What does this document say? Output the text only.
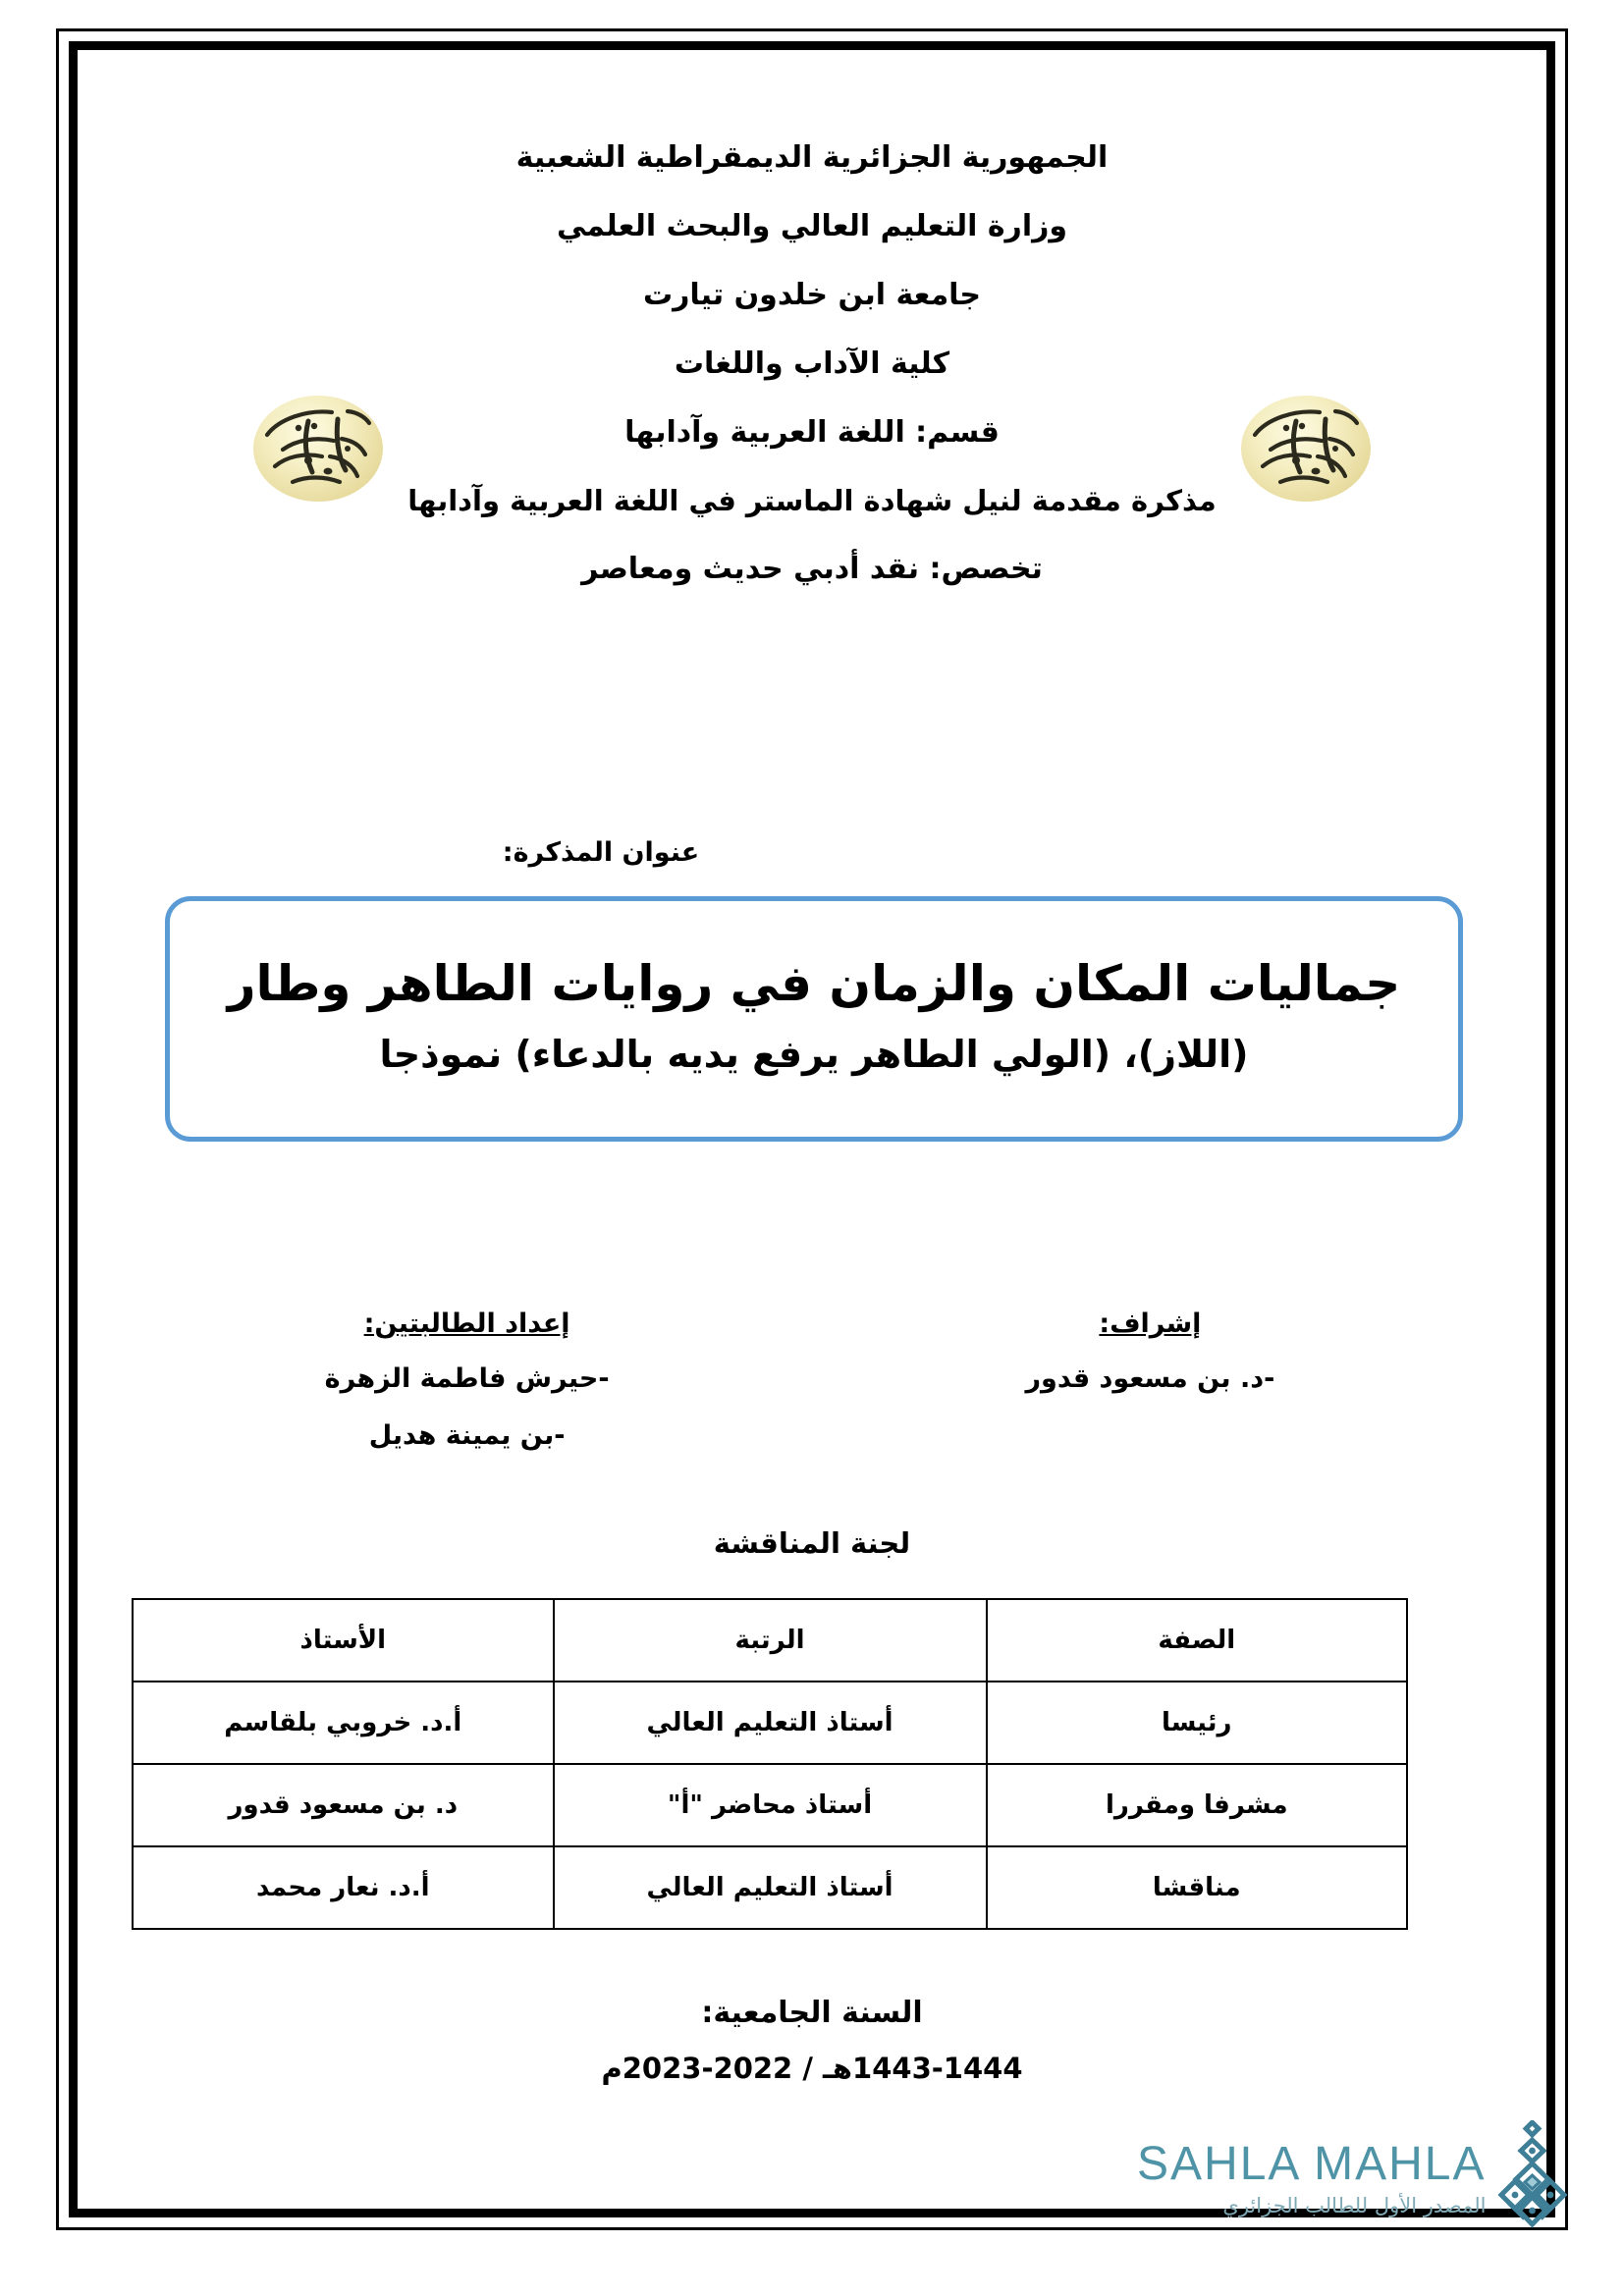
الجمهورية الجزائرية الديمقراطية الشعبية

وزارة التعليم العالي والبحث العلمي

جامعة ابن خلدون تيارت

كلية الآداب واللغات

قسم: اللغة العربية وآدابها

مذكرة مقدمة لنيل شهادة الماستر في اللغة العربية وآدابها

تخصص: نقد أدبي حديث ومعاصر

عنوان المذكرة:

جماليات المكان والزمان في روايات الطاهر وطار

(اللاز)، (الولي الطاهر يرفع يديه بالدعاء) نموذجا

إشراف:

-د. بن مسعود قدور

إعداد الطالبتين:

-حيرش فاطمة الزهرة

-بن يمينة هديل

لجنة المناقشة
الصفة	الرتبة	الأستاذ
رئيسا	أستاذ التعليم العالي	أ.د. خروبي بلقاسم
مشرفا ومقررا	أستاذ محاضر "أ"	د. بن مسعود قدور
مناقشا	أستاذ التعليم العالي	أ.د. نعار محمد

السنة الجامعية:

1443-1444هـ / 2022-2023م

SAHLA MAHLA
المصدر الأول للطالب الجزائري
